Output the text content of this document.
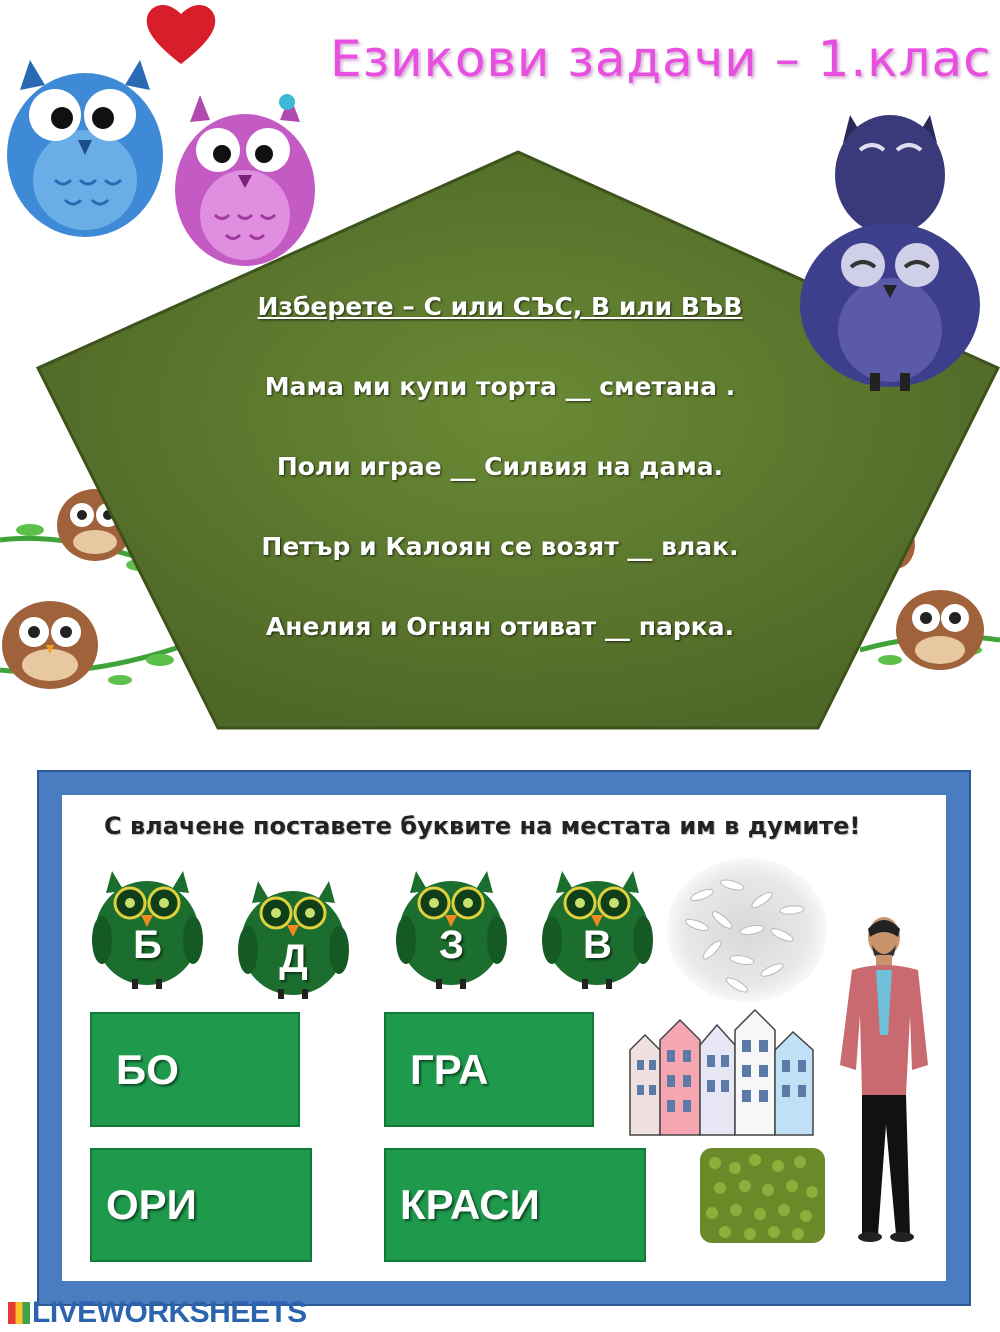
Езикови задачи – 1.клас
Изберете – С или СЪС, В или ВЪВ
Мама ми купи торта __ сметана .
Поли играе __ Силвия на дама.
Петър и Калоян се возят __ влак.
Анелия и Огнян отиват __ парка.
С влачене поставете буквите на местата им в думите!
Б	Д	З	В
БО	ГРА
ОРИ	КРАСИ
LIVEWORKSHEETS
